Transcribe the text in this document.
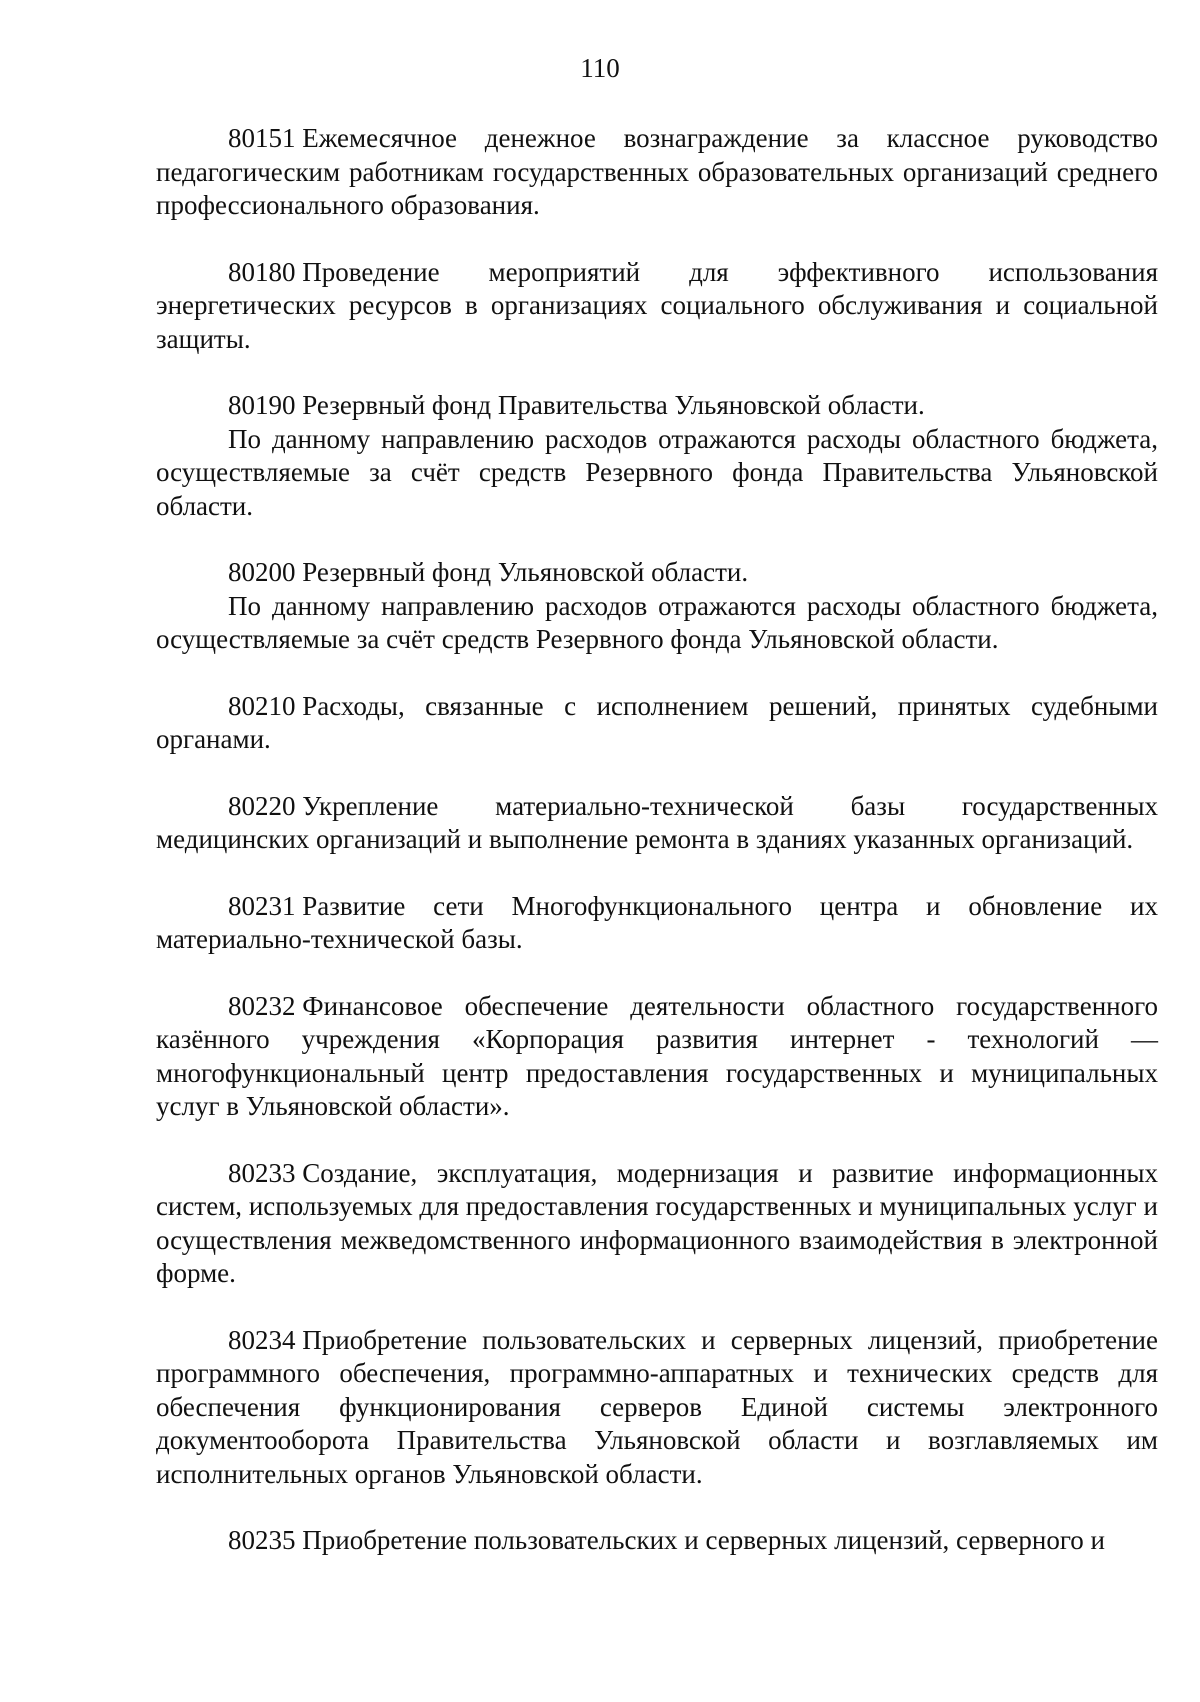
110
80151 Ежемесячное денежное вознаграждение за классное руководство педагогическим работникам государственных образовательных организаций среднего профессионального образования.
80180 Проведение мероприятий для эффективного использования энергетических ресурсов в организациях социального обслуживания и социальной защиты.

80190 Резервный фонд Правительства Ульяновской области.

По данному направлению расходов отражаются расходы областного бюджета, осуществляемые за счёт средств Резервного фонда Правительства Ульяновской области.

80200 Резервный фонд Ульяновской области.

По данному направлению расходов отражаются расходы областного бюджета, осуществляемые за счёт средств Резервного фонда Ульяновской области.

80210 Расходы, связанные с исполнением решений, принятых судебными органами.
80220 Укрепление материально-технической базы государственных медицинских организаций и выполнение ремонта в зданиях указанных организаций.
80231 Развитие сети Многофункционального центра и обновление их материально-технической базы.
80232 Финансовое обеспечение деятельности областного государственного казённого учреждения «Корпорация развития интернет - технологий — многофункциональный центр предоставления государственных и муниципальных услуг в Ульяновской области».
80233 Создание, эксплуатация, модернизация и развитие информационных систем, используемых для предоставления государственных и муниципальных услуг и осуществления межведомственного информационного взаимодействия в электронной форме.
80234 Приобретение пользовательских и серверных лицензий, приобретение программного обеспечения, программно-аппаратных и технических средств для обеспечения функционирования серверов Единой системы электронного документооборота Правительства Ульяновской области и возглавляемых им исполнительных органов Ульяновской области.
80235 Приобретение пользовательских и серверных лицензий, серверного и
